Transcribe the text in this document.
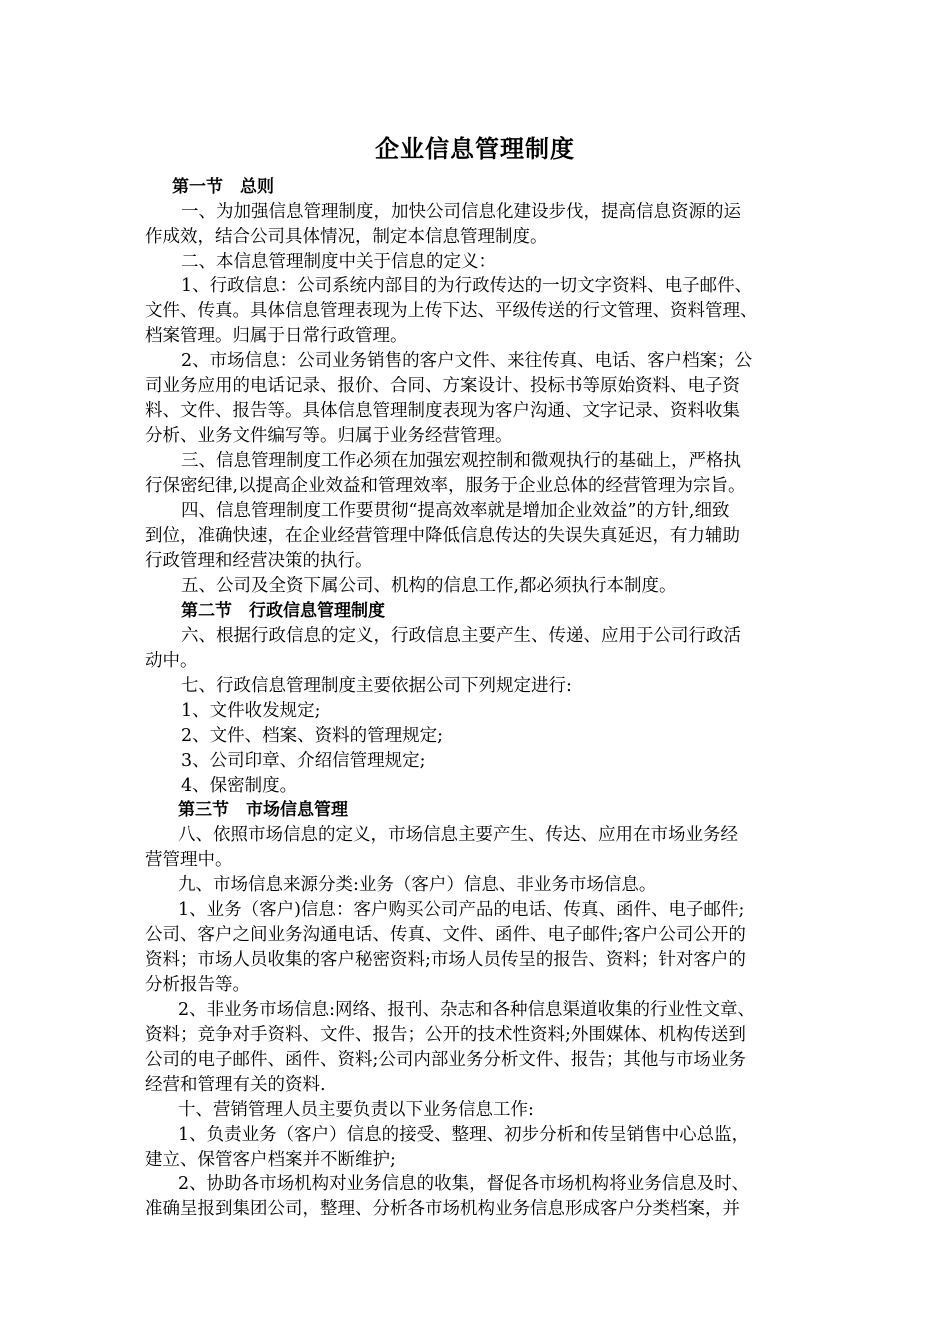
企业信息管理制度
第一节　总则
一、为加强信息管理制度，加快公司信息化建设步伐，提高信息资源的运
作成效，结合公司具体情况，制定本信息管理制度。
二、本信息管理制度中关于信息的定义：
1、行政信息：公司系统内部目的为行政传达的一切文字资料、电子邮件、
文件、传真。具体信息管理表现为上传下达、平级传送的行文管理、资料管理、
档案管理。归属于日常行政管理。
2、市场信息：公司业务销售的客户文件、来往传真、电话、客户档案；公
司业务应用的电话记录、报价、合同、方案设计、投标书等原始资料、电子资
料、文件、报告等。具体信息管理制度表现为客户沟通、文字记录、资料收集
分析、业务文件编写等。归属于业务经营管理。
三、信息管理制度工作必须在加强宏观控制和微观执行的基础上，严格执
行保密纪律,以提高企业效益和管理效率，服务于企业总体的经营管理为宗旨。
四、信息管理制度工作要贯彻“提高效率就是增加企业效益”的方针,细致
到位，准确快速，在企业经营管理中降低信息传达的失误失真延迟，有力辅助
行政管理和经营决策的执行。
五、公司及全资下属公司、机构的信息工作,都必须执行本制度。
第二节　行政信息管理制度
六、根据行政信息的定义，行政信息主要产生、传递、应用于公司行政活
动中。
七、行政信息管理制度主要依据公司下列规定进行:
1、文件收发规定;
2、文件、档案、资料的管理规定;
3、公司印章、介绍信管理规定;
4、保密制度。
第三节　市场信息管理
八、依照市场信息的定义，市场信息主要产生、传达、应用在市场业务经
营管理中。
九、市场信息来源分类:业务（客户）信息、非业务市场信息。
1、业务（客户)信息：客户购买公司产品的电话、传真、函件、电子邮件;
公司、客户之间业务沟通电话、传真、文件、函件、电子邮件;客户公司公开的
资料；市场人员收集的客户秘密资料;市场人员传呈的报告、资料；针对客户的
分析报告等。
2、非业务市场信息:网络、报刊、杂志和各种信息渠道收集的行业性文章、
资料；竞争对手资料、文件、报告；公开的技术性资料;外围媒体、机构传送到
公司的电子邮件、函件、资料;公司内部业务分析文件、报告；其他与市场业务
经营和管理有关的资料.
十、营销管理人员主要负责以下业务信息工作:
1、负责业务（客户）信息的接受、整理、初步分析和传呈销售中心总监，
建立、保管客户档案并不断维护;
2、协助各市场机构对业务信息的收集，督促各市场机构将业务信息及时、
准确呈报到集团公司，整理、分析各市场机构业务信息形成客户分类档案，并
